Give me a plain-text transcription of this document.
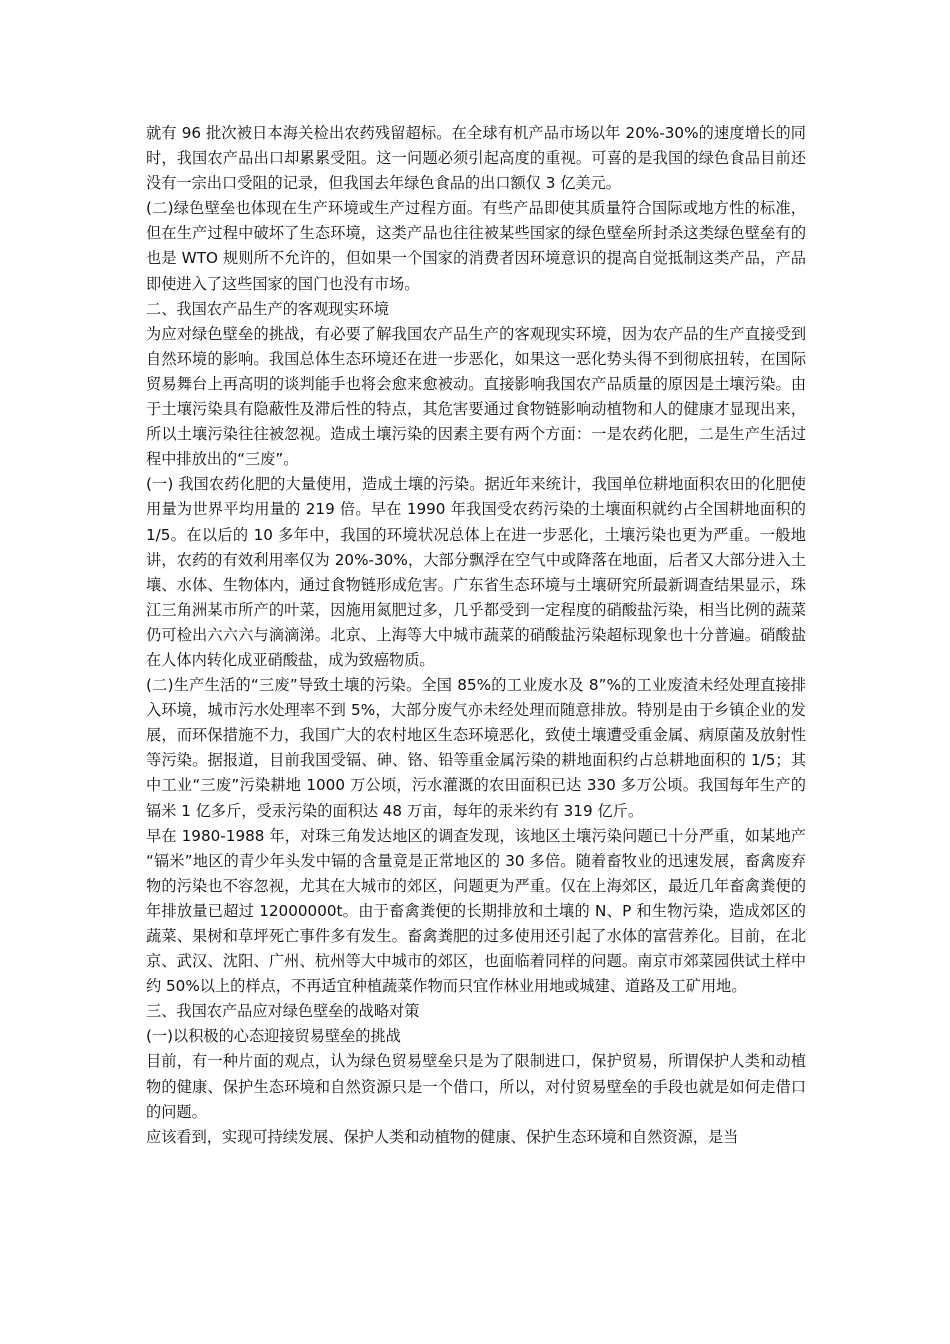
就有 96 批次被日本海关检出农药残留超标。在全球有机产品市场以年 20%-30%的速度增长的同时，我国农产品出口却累累受阻。这一问题必须引起高度的重视。可喜的是我国的绿色食品目前还没有一宗出口受阻的记录，但我国去年绿色食品的出口额仅 3 亿美元。

(二)绿色壁垒也体现在生产环境或生产过程方面。有些产品即使其质量符合国际或地方性的标准，但在生产过程中破坏了生态环境，这类产品也往往被某些国家的绿色壁垒所封杀这类绿色壁垒有的也是 WTO 规则所不允许的，但如果一个国家的消费者因环境意识的提高自觉抵制这类产品，产品即使进入了这些国家的国门也没有市场。

二、我国农产品生产的客观现实环境

为应对绿色壁垒的挑战，有必要了解我国农产品生产的客观现实环境，因为农产品的生产直接受到自然环境的影响。我国总体生态环境还在进一步恶化，如果这一恶化势头得不到彻底扭转，在国际贸易舞台上再高明的谈判能手也将会愈来愈被动。直接影响我国农产品质量的原因是土壤污染。由于土壤污染具有隐蔽性及滞后性的特点，其危害要通过食物链影响动植物和人的健康才显现出来，所以土壤污染往往被忽视。造成土壤污染的因素主要有两个方面：一是农药化肥，二是生产生活过程中排放出的“三废”。

(一) 我国农药化肥的大量使用，造成土壤的污染。据近年来统计，我国单位耕地面积农田的化肥使用量为世界平均用量的 219 倍。早在 1990 年我国受农药污染的土壤面积就约占全国耕地面积的 1/5。在以后的 10 多年中，我国的环境状况总体上在进一步恶化，土壤污染也更为严重。一般地讲，农药的有效利用率仅为 20%-30%，大部分飘浮在空气中或降落在地面，后者又大部分进入土壤、水体、生物体内，通过食物链形成危害。广东省生态环境与土壤研究所最新调查结果显示，珠江三角洲某市所产的叶菜，因施用氮肥过多，几乎都受到一定程度的硝酸盐污染，相当比例的蔬菜仍可检出六六六与滴滴涕。北京、上海等大中城市蔬菜的硝酸盐污染超标现象也十分普遍。硝酸盐在人体内转化成亚硝酸盐，成为致癌物质。

(二)生产生活的“三废”导致土壤的污染。全国 85%的工业废水及 8”%的工业废渣未经处理直接排入环境，城市污水处理率不到 5%，大部分废气亦未经处理而随意排放。特别是由于乡镇企业的发展，而环保措施不力，我国广大的农村地区生态环境恶化，致使土壤遭受重金属、病原菌及放射性等污染。据报道，目前我国受镉、砷、铬、铅等重金属污染的耕地面积约占总耕地面积的 1/5；其中工业“三废”污染耕地 1000 万公顷，污水灌溉的农田面积已达 330 多万公顷。我国每年生产的镉米 1 亿多斤，受汞污染的面积达 48 万亩，每年的汞米约有 319 亿斤。

早在 1980-1988 年，对珠三角发达地区的调查发现，该地区土壤污染问题已十分严重，如某地产“镉米”地区的青少年头发中镉的含量竟是正常地区的 30 多倍。随着畜牧业的迅速发展，畜禽废弃物的污染也不容忽视，尤其在大城市的郊区，问题更为严重。仅在上海郊区，最近几年畜禽粪便的年排放量已超过 12000000t。由于畜禽粪便的长期排放和土壤的 N、P 和生物污染，造成郊区的蔬菜、果树和草坪死亡事件多有发生。畜禽粪肥的过多使用还引起了水体的富营养化。目前，在北京、武汉、沈阳、广州、杭州等大中城市的郊区，也面临着同样的问题。南京市郊菜园供试土样中约 50%以上的样点，不再适宜种植蔬菜作物而只宜作林业用地或城建、道路及工矿用地。

三、我国农产品应对绿色壁垒的战略对策

(一)以积极的心态迎接贸易壁垒的挑战

目前，有一种片面的观点，认为绿色贸易壁垒只是为了限制进口，保护贸易，所谓保护人类和动植物的健康、保护生态环境和自然资源只是一个借口，所以，对付贸易壁垒的手段也就是如何走借口的问题。

应该看到，实现可持续发展、保护人类和动植物的健康、保护生态环境和自然资源，是当
